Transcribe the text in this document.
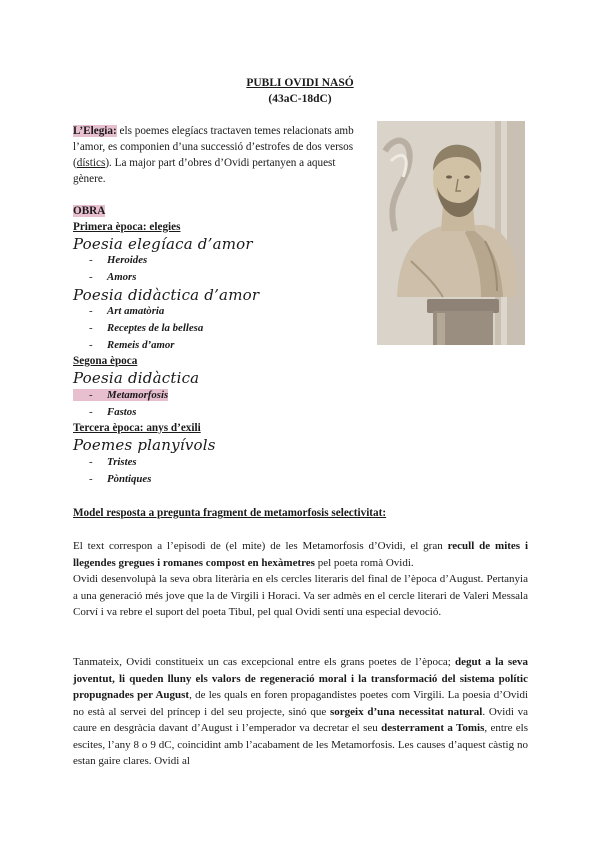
PUBLI OVIDI NASÓ
(43aC-18dC)
L’Elegia: els poemes elegíacs tractaven temes relacionats amb l’amor, es componien d’una successió d’estrofes de dos versos (dístics). La major part d’obres d’Ovidi pertanyen a aquest gènere.
OBRA
Primera època: elegies
Poesia elegíaca d’amor
- Heroides
- Amors
Poesia didàctica d’amor
- Art amatòria
- Receptes de la bellesa
- Remeis d’amor
Segona època
Poesia didàctica
- Metamorfosis
- Fastos
Tercera època: anys d’exili
Poemes planyívols
- Tristes
- Pòntiques
Model resposta a pregunta fragment de metamorfosis selectivitat:
El text correspon a l’episodi de (el mite) de les Metamorfosis d’Ovidi, el gran recull de mites i llegendes gregues i romanes compost en hexàmetres pel poeta romà Ovidi.
Ovidi desenvolupà la seva obra literària en els cercles literaris del final de l’època d’August. Pertanyia a una generació més jove que la de Virgili i Horaci. Va ser admès en el cercle literari de Valeri Messala Corví i va rebre el suport del poeta Tibul, pel qual Ovidi sentí una especial devoció.
Tanmateix, Ovidi constitueix un cas excepcional entre els grans poetes de l’època; degut a la seva joventut, li queden lluny els valors de regeneració moral i la transformació del sistema polític propugnades per August, de les quals en foren propagandistes poetes com Virgili. La poesia d’Ovidi no està al servei del príncep i del seu projecte, sinó que sorgeix d’una necessitat natural. Ovidi va caure en desgràcia davant d’August i l’emperador va decretar el seu desterrament a Tomis, entre els escites, l’any 8 o 9 dC, coincidint amb l’acabament de les Metamorfosis. Les causes d’aquest càstig no estan gaire clares. Ovidi al
